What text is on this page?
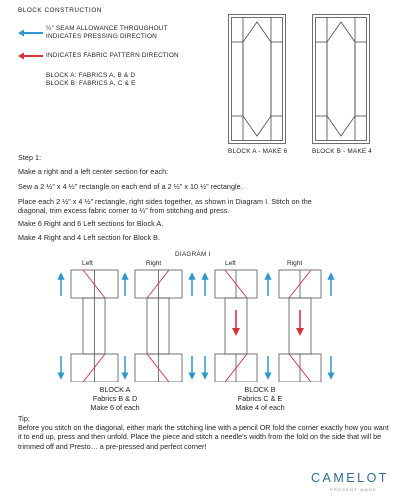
BLOCK CONSTRUCTION
¼” SEAM ALLOWANCE THROUGHOUT
INDICATES PRESSING DIRECTION
INDICATES FABRIC PATTERN DIRECTION
BLOCK A: FABRICS A, B & D
BLOCK B: FABRICS A, C & E
BLOCK A - MAKE 6	BLOCK B - MAKE 4
Step 1:
Make a right and a left center section for each:
Sew a 2 ½” x 4 ½” rectangle on each end of a 2 ½” x 10 ½” rectangle.
Place each 2 ½” x 4 ½” rectangle, right sides together, as shown in Diagram I. Stitch on the
diagonal, trim excess fabric corner to ¼” from stitching and press.
Make 6 Right and 6 Left sections for Block A.
Make 4 Right and 4 Left section for Block B.
DIAGRAM I
Left	Right	Left	Right
BLOCK A
Fabrics B & D
Make 6 of each
BLOCK B
Fabrics C & E
Make 4 of each
Tip:
Before you stitch on the diagonal, either mark the stitching line with a pencil OR fold the corner exactly how you want it to end up, press and then unfold. Place the piece and stitch a needle’s width from the fold on the side that will be trimmed off and Presto… a pre-pressed and perfect corner!
CAMELOT
PRESENT MADE
